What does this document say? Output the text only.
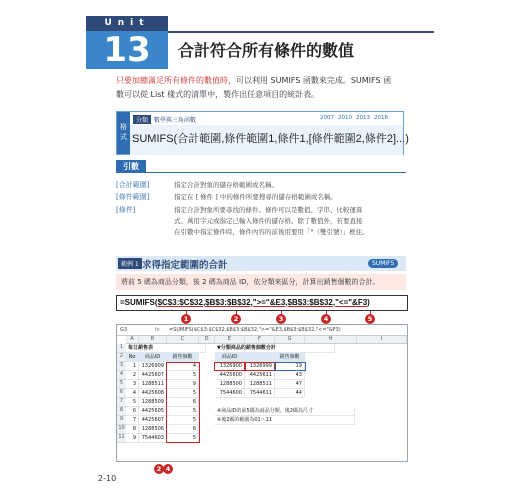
Unit
13	合計符合所有條件的數值
只要加總滿足所有條件的數值時，可以利用 SUMIFS 函數來完成。SUMIFS 函
數可以從 List 樣式的清單中，製作出任意項目的統計表。
格式
分類 數學與三角函數	2007 2010 2013 2016
SUMIFS(合計範圍,條件範圍1,條件1,[條件範圍2,條件2]...)
引數
[合計範圍]	指定合計對象的儲存格範圍或名稱。
[條件範圍]	指定在 [ 條件 ] 中的條件所要搜尋的儲存格範圍或名稱。
[條件]	指定合計對象所要尋找的條件。條件可以是數值、字串、比較運算
式、萬用字元或指定已輸入條件的儲存格。除了數值外，若要直接
在引數中指定條件時，條件內容的前後用要用「"（雙引號）」框住。
範例 1 求得指定範圍的合計	SUMIFS
將前 5 碼為商品分類，後 2 碼為商品 ID，依分類來區分，計算出銷售個數的合計。
=SUMIFS($C$3:$C$32,$B$3:$B$32,">="&E3,$B$3:$B$32,"<="&F3)
1	2	3	4	5
G3	fx =SUMIFS($C$3:$C$32,$B$3:$B$32,">="&E3,$B$3:$B$32,"<="&F3)
A	B	C	D	E	F	G	H	I
1
2
3
4
5
6
7
8
9
10
11
每日銷售表
No	商品ID	銷售個數
1	1326909	4
2	4425607	5
3	1288511	9
4	4425608	5
5	1288509	6
6	4425605	5
7	4425607	5
8	1288506	6
9	7544603	5
▼分類商品的銷售個數合計
商品ID	銷售個數
1326900	1326999	19
4425600	4425611	43
1288500	1288511	47
7544600	7544611	44
※商品ID的前5碼為商品分類，後2碼為尺寸
※後2碼的範圍為01～11
2 4
2-10
